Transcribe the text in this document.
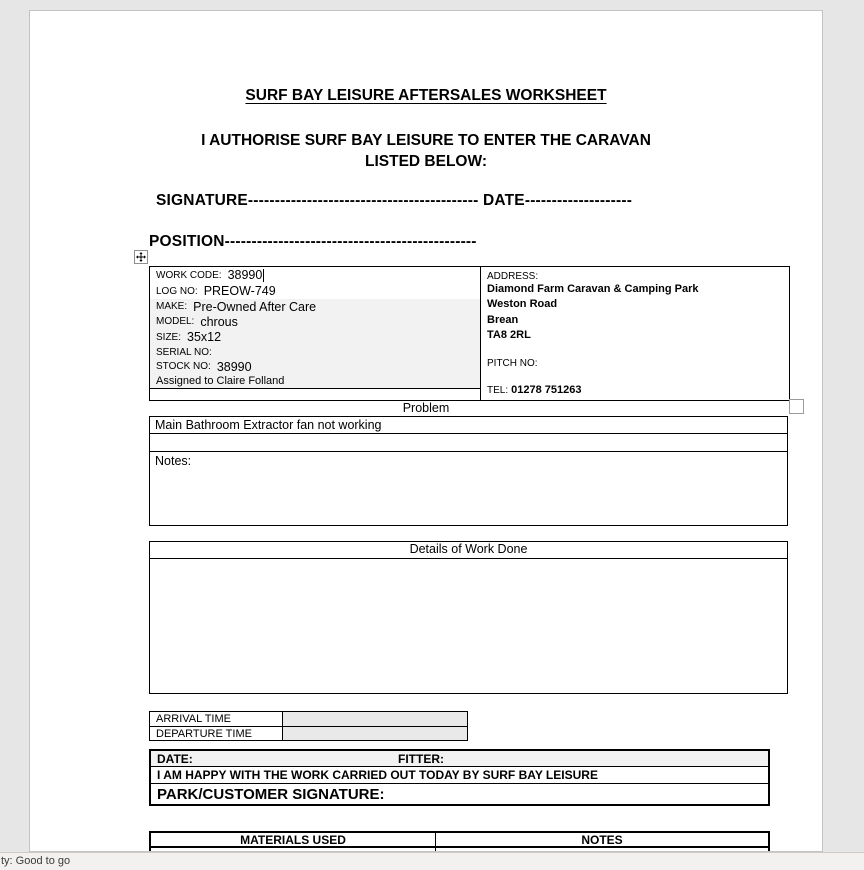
SURF BAY LEISURE AFTERSALES WORKSHEET
I AUTHORISE SURF BAY LEISURE TO ENTER THE CARAVAN
LISTED BELOW:
SIGNATURE------------------------------------------- DATE--------------------
POSITION-----------------------------------------------
WORK CODE: 38990
LOG NO: PREOW-749
MAKE: Pre-Owned After Care
MODEL: chrous
SIZE: 35x12
SERIAL NO:
STOCK NO: 38990
Assigned to Claire Folland
ADDRESS:
Diamond Farm Caravan & Camping Park
Weston Road
Brean
TA8 2RL
PITCH NO:
TEL: 01278 751263
Problem
Main Bathroom Extractor fan not working
Notes:
Details of Work Done
ARRIVAL TIME
DEPARTURE TIME
DATE:	FITTER:
I AM HAPPY WITH THE WORK CARRIED OUT TODAY BY SURF BAY LEISURE
PARK/CUSTOMER SIGNATURE:
MATERIALS USED	NOTES
ty: Good to go
